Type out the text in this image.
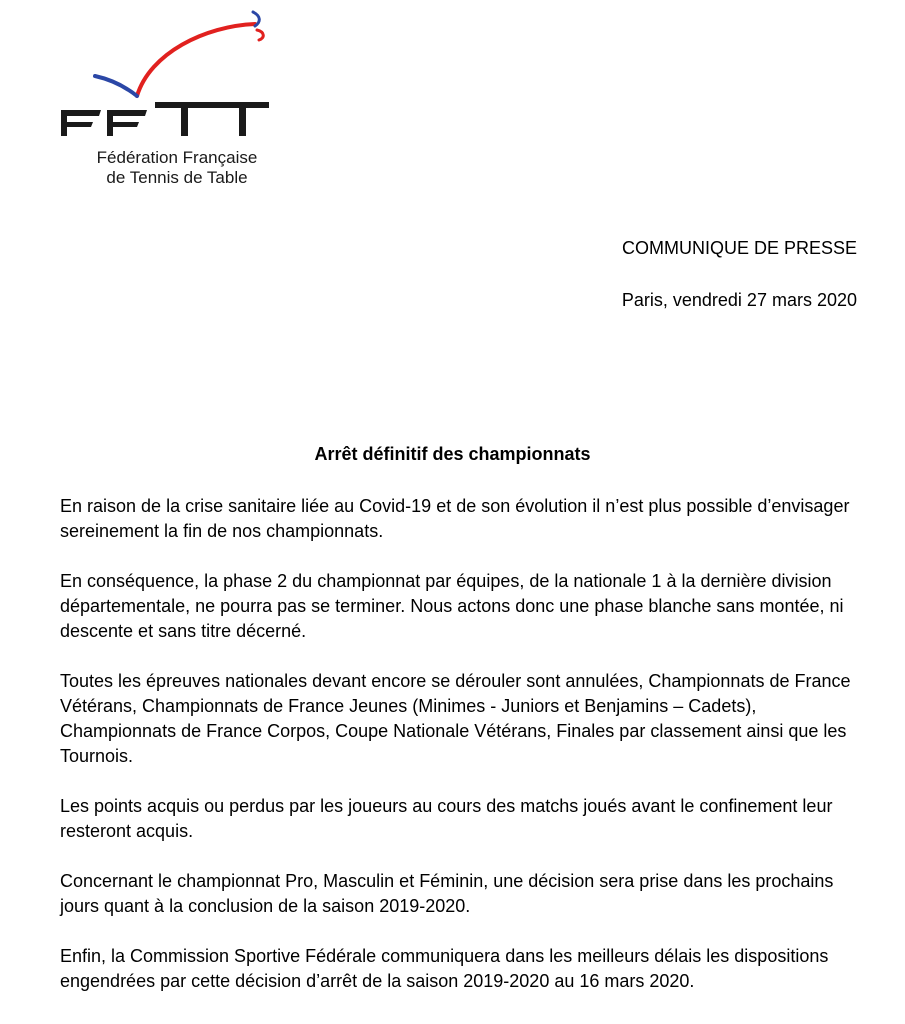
Fédération Française
de Tennis de Table
COMMUNIQUE DE PRESSE
Paris, vendredi 27 mars 2020
Arrêt définitif des championnats

En raison de la crise sanitaire liée au Covid-19 et de son évolution il n’est plus possible d’envisager sereinement la fin de nos championnats.

En conséquence, la phase 2 du championnat par équipes, de la nationale 1 à la dernière division départementale, ne pourra pas se terminer. Nous actons donc une phase blanche sans montée, ni descente et sans titre décerné.

Toutes les épreuves nationales devant encore se dérouler sont annulées, Championnats de France Vétérans, Championnats de France Jeunes (Minimes - Juniors et Benjamins – Cadets), Championnats de France Corpos, Coupe Nationale Vétérans, Finales par classement ainsi que les Tournois.

Les points acquis ou perdus par les joueurs au cours des matchs joués avant le confinement leur resteront acquis.

Concernant le championnat Pro, Masculin et Féminin, une décision sera prise dans les prochains jours quant à la conclusion de la saison 2019-2020.

Enfin, la Commission Sportive Fédérale communiquera dans les meilleurs délais les dispositions engendrées par cette décision d’arrêt de la saison 2019-2020 au 16 mars 2020.
